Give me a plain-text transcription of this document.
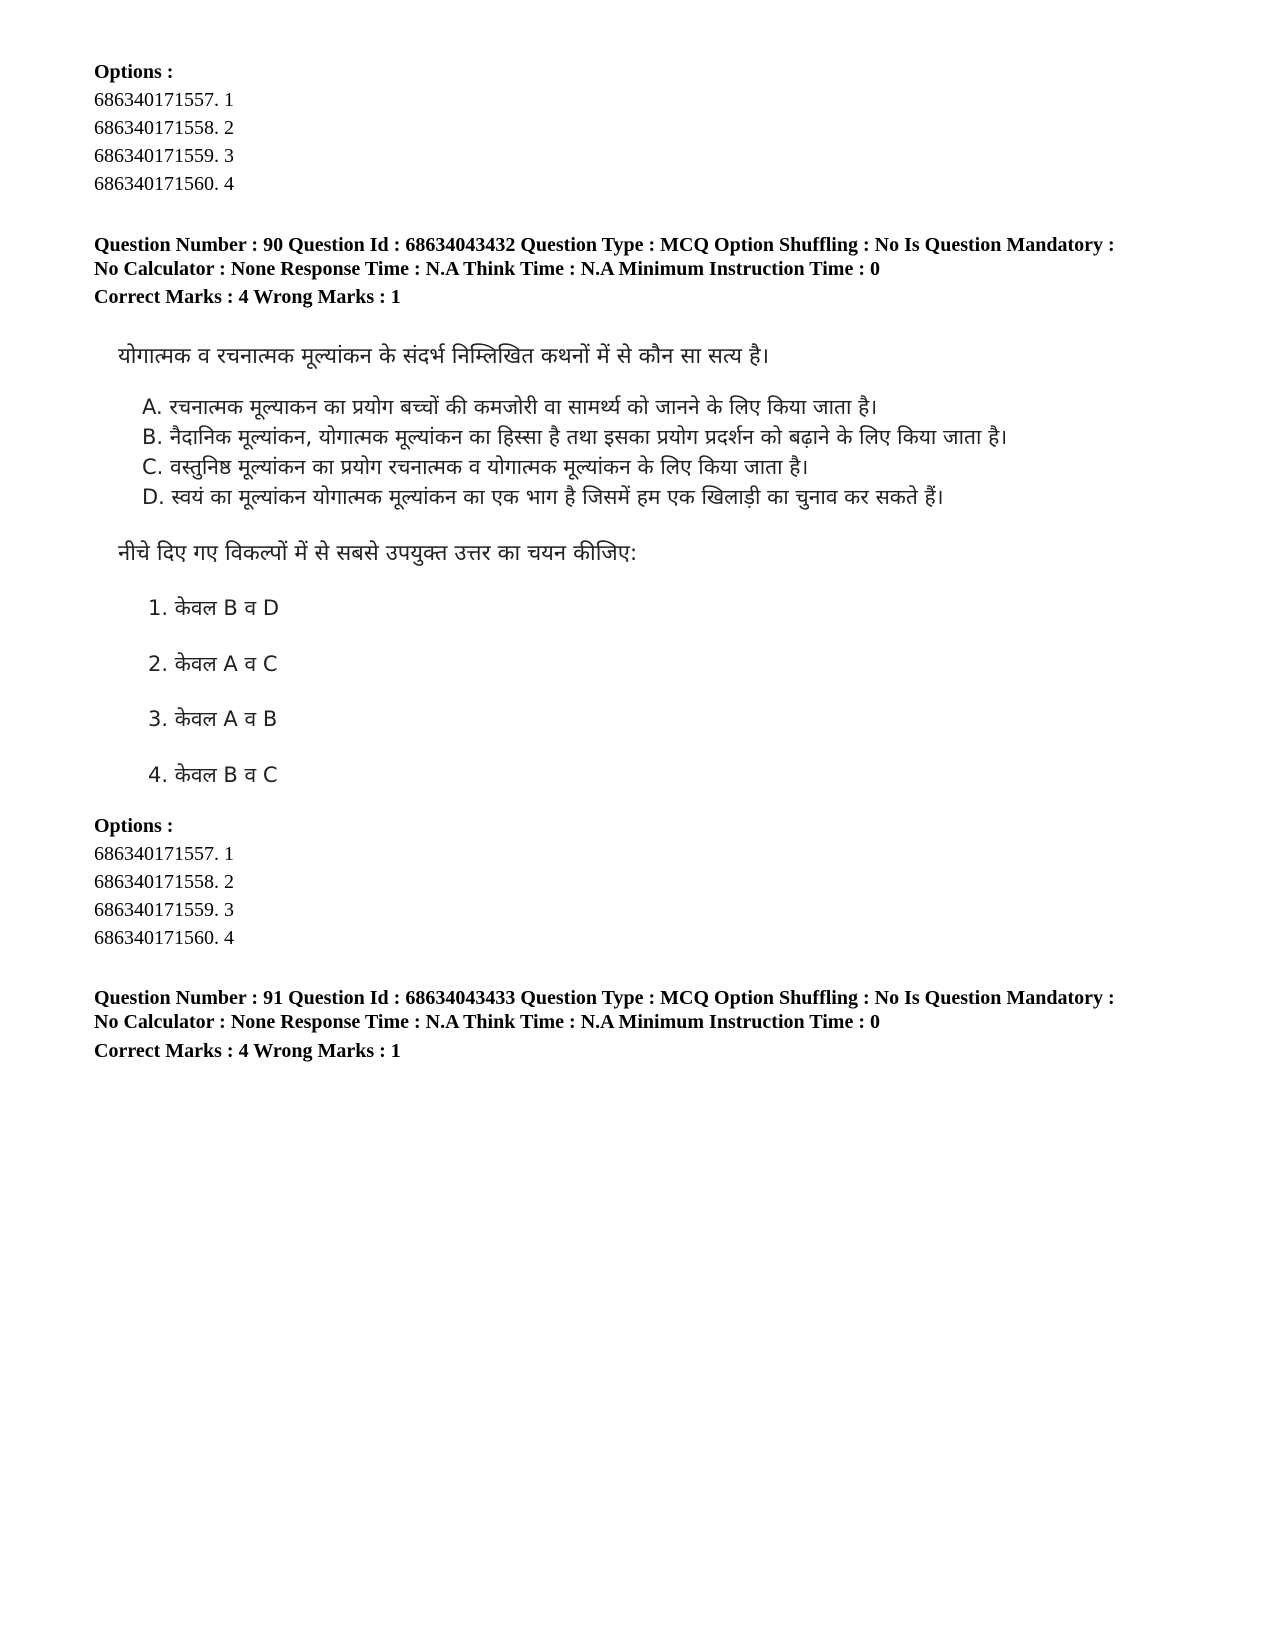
Options :
686340171557. 1
686340171558. 2
686340171559. 3
686340171560. 4
Question Number : 90 Question Id : 68634043432 Question Type : MCQ Option Shuffling : No Is Question Mandatory :
No Calculator : None Response Time : N.A Think Time : N.A Minimum Instruction Time : 0
Correct Marks : 4 Wrong Marks : 1
योगात्मक व रचनात्मक मूल्यांकन के संदर्भ निम्लिखित कथनों में से कौन सा सत्य है।
A. रचनात्मक मूल्याकन का प्रयोग बच्चों की कमजोरी वा सामर्थ्य को जानने के लिए किया जाता है।
B. नैदानिक मूल्यांकन, योगात्मक मूल्यांकन का हिस्सा है तथा इसका प्रयोग प्रदर्शन को बढ़ाने के लिए किया जाता है।
C. वस्तुनिष्ठ मूल्यांकन का प्रयोग रचनात्मक व योगात्मक मूल्यांकन के लिए किया जाता है।
D. स्वयं का मूल्यांकन योगात्मक मूल्यांकन का एक भाग है जिसमें हम एक खिलाड़ी का चुनाव कर सकते हैं।
नीचे दिए गए विकल्पों में से सबसे उपयुक्त उत्तर का चयन कीजिए:
1. केवल B व D
2. केवल A व C
3. केवल A व B
4. केवल B व C
Options :
686340171557. 1
686340171558. 2
686340171559. 3
686340171560. 4
Question Number : 91 Question Id : 68634043433 Question Type : MCQ Option Shuffling : No Is Question Mandatory :
No Calculator : None Response Time : N.A Think Time : N.A Minimum Instruction Time : 0
Correct Marks : 4 Wrong Marks : 1
